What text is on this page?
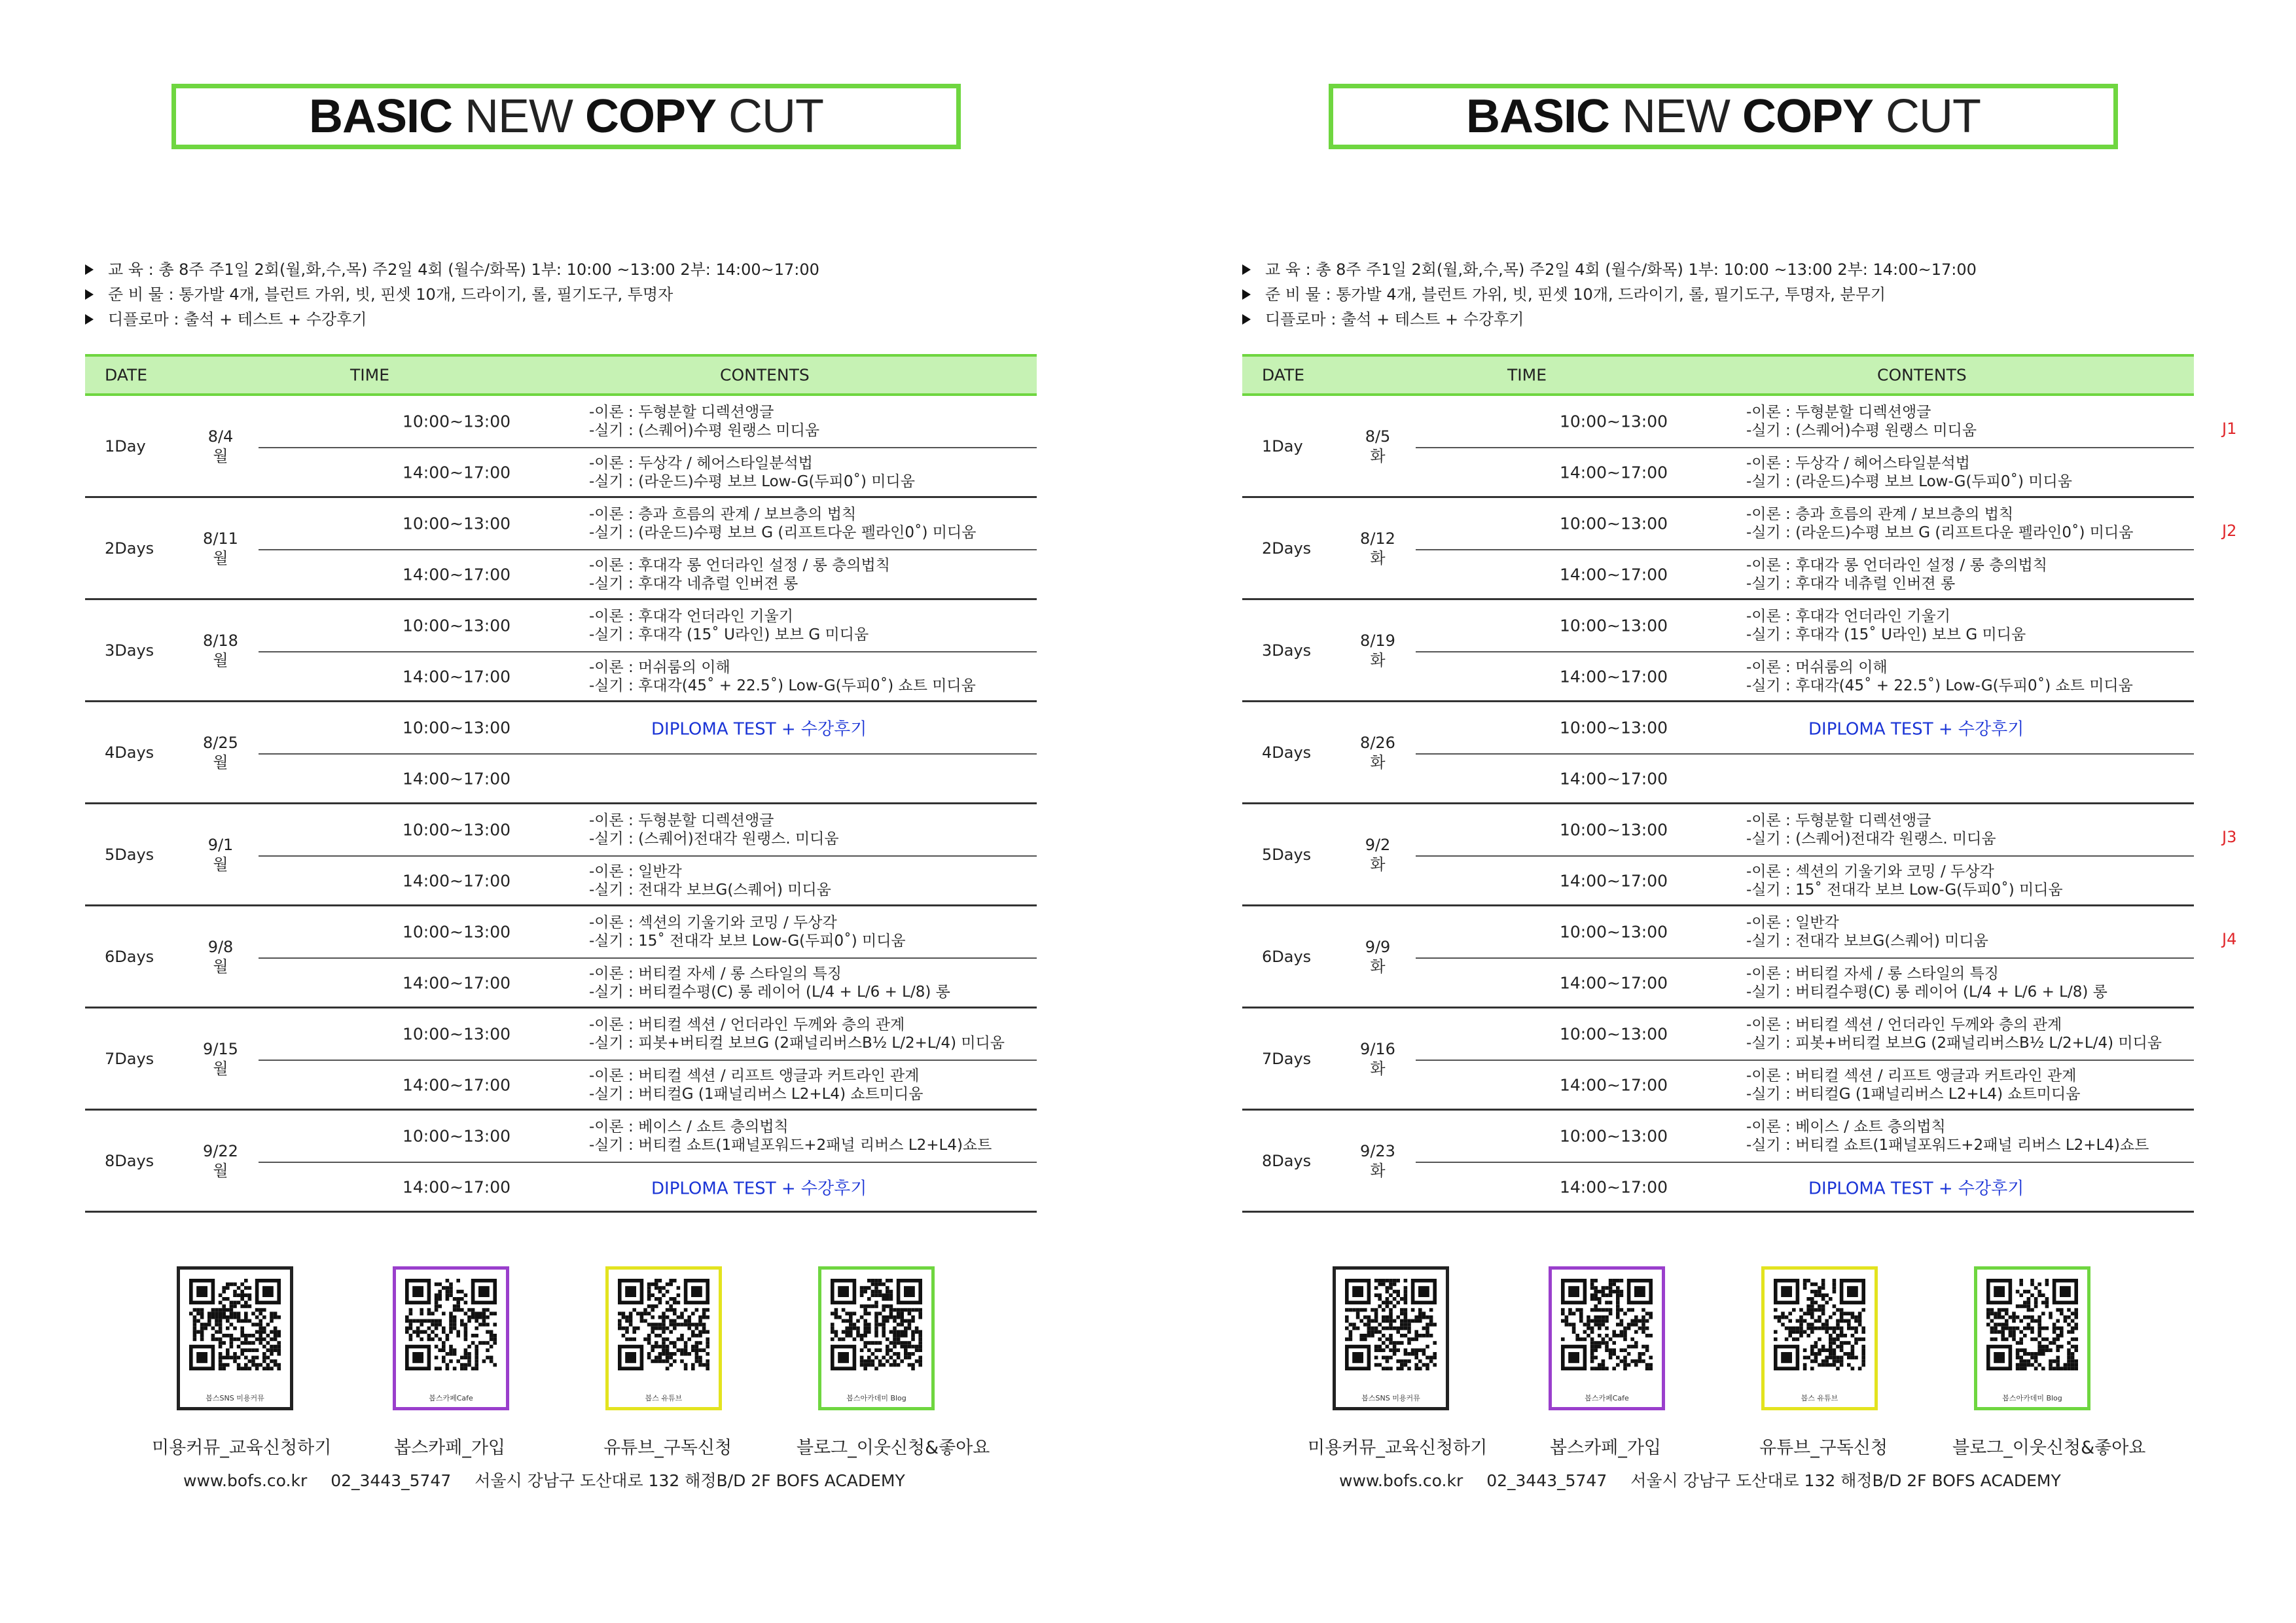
BASIC NEW COPY CUT
교 육 : 총 8주 주1일 2회(월,화,수,목) 주2일 4회 (월수/화목) 1부: 10:00 ~13:00 2부: 14:00~17:00
준 비 물 : 통가발 4개, 블런트 가위, 빗, 핀셋 10개, 드라이기, 롤, 필기도구, 투명자
디플로마 : 출석 + 테스트 + 수강후기
DATE	TIME	CONTENTS
1Day
8/4
월
10:00~13:00	-이론 : 두형분할 디렉션앵글
-실기 : (스퀘어)수평 원랭스 미디움
14:00~17:00	-이론 : 두상각 / 헤어스타일분석법
-실기 : (라운드)수평 보브 Low-G(두피0˚) 미디움
2Days
8/11
월
10:00~13:00	-이론 : 층과 흐름의 관계 / 보브층의 법칙
-실기 : (라운드)수평 보브 G (리프트다운 펠라인0˚) 미디움
14:00~17:00	-이론 : 후대각 롱 언더라인 설정 / 롱 층의법칙
-실기 : 후대각 네츄럴 인버젼 롱
3Days
8/18
월
10:00~13:00	-이론 : 후대각 언더라인 기울기
-실기 : 후대각 (15˚ U라인) 보브 G 미디움
14:00~17:00	-이론 : 머쉬룸의 이해
-실기 : 후대각(45˚ + 22.5˚) Low-G(두피0˚) 쇼트 미디움
4Days
8/25
월
10:00~13:00	DIPLOMA TEST + 수강후기
14:00~17:00
5Days
9/1
월
10:00~13:00	-이론 : 두형분할 디렉션앵글
-실기 : (스퀘어)전대각 원랭스. 미디움
14:00~17:00	-이론 : 일반각
-실기 : 전대각 보브G(스퀘어) 미디움
6Days
9/8
월
10:00~13:00	-이론 : 섹션의 기울기와 코밍 / 두상각
-실기 : 15˚ 전대각 보브 Low-G(두피0˚) 미디움
14:00~17:00	-이론 : 버티컬 자세 / 롱 스타일의 특징
-실기 : 버티컬수평(C) 롱 레이어 (L/4 + L/6 + L/8) 롱
7Days
9/15
월
10:00~13:00	-이론 : 버티컬 섹션 / 언더라인 두께와 층의 관계
-실기 : 피봇+버티컬 보브G (2패널리버스B½ L/2+L/4) 미디움
14:00~17:00	-이론 : 버티컬 섹션 / 리프트 앵글과 커트라인 관계
-실기 : 버티컬G (1패널리버스 L2+L4) 쇼트미디움
8Days
9/22
월
10:00~13:00	-이론 : 베이스 / 쇼트 층의법칙
-실기 : 버티컬 쇼트(1패널포워드+2패널 리버스 L2+L4)쇼트
14:00~17:00	DIPLOMA TEST + 수강후기
봅스SNS 미용커뮤	봅스카페Cafe	봅스 유튜브	봅스아카데미 Blog
미용커뮤_교육신청하기	봅스카페_가입	유튜브_구독신청	블로그_이웃신청&좋아요
www.bofs.co.kr 02_3443_5747 서울시 강남구 도산대로 132 해정B/D 2F BOFS ACADEMY
BASIC NEW COPY CUT
교 육 : 총 8주 주1일 2회(월,화,수,목) 주2일 4회 (월수/화목) 1부: 10:00 ~13:00 2부: 14:00~17:00
준 비 물 : 통가발 4개, 블런트 가위, 빗, 핀셋 10개, 드라이기, 롤, 필기도구, 투명자, 분무기
디플로마 : 출석 + 테스트 + 수강후기
DATE	TIME	CONTENTS
1Day
8/5
화
10:00~13:00	-이론 : 두형분할 디렉션앵글
-실기 : (스퀘어)수평 원랭스 미디움	J1
14:00~17:00	-이론 : 두상각 / 헤어스타일분석법
-실기 : (라운드)수평 보브 Low-G(두피0˚) 미디움
2Days
8/12
화
10:00~13:00	-이론 : 층과 흐름의 관계 / 보브층의 법칙
-실기 : (라운드)수평 보브 G (리프트다운 펠라인0˚) 미디움	J2
14:00~17:00	-이론 : 후대각 롱 언더라인 설정 / 롱 층의법칙
-실기 : 후대각 네츄럴 인버젼 롱
3Days
8/19
화
10:00~13:00	-이론 : 후대각 언더라인 기울기
-실기 : 후대각 (15˚ U라인) 보브 G 미디움
14:00~17:00	-이론 : 머쉬룸의 이해
-실기 : 후대각(45˚ + 22.5˚) Low-G(두피0˚) 쇼트 미디움
4Days
8/26
화
10:00~13:00	DIPLOMA TEST + 수강후기
14:00~17:00
5Days
9/2
화
10:00~13:00	-이론 : 두형분할 디렉션앵글
-실기 : (스퀘어)전대각 원랭스. 미디움	J3
14:00~17:00	-이론 : 섹션의 기울기와 코밍 / 두상각
-실기 : 15˚ 전대각 보브 Low-G(두피0˚) 미디움
6Days
9/9
화
10:00~13:00	-이론 : 일반각
-실기 : 전대각 보브G(스퀘어) 미디움	J4
14:00~17:00	-이론 : 버티컬 자세 / 롱 스타일의 특징
-실기 : 버티컬수평(C) 롱 레이어 (L/4 + L/6 + L/8) 롱
7Days
9/16
화
10:00~13:00	-이론 : 버티컬 섹션 / 언더라인 두께와 층의 관계
-실기 : 피봇+버티컬 보브G (2패널리버스B½ L/2+L/4) 미디움
14:00~17:00	-이론 : 버티컬 섹션 / 리프트 앵글과 커트라인 관계
-실기 : 버티컬G (1패널리버스 L2+L4) 쇼트미디움
8Days
9/23
화
10:00~13:00	-이론 : 베이스 / 쇼트 층의법칙
-실기 : 버티컬 쇼트(1패널포워드+2패널 리버스 L2+L4)쇼트
14:00~17:00	DIPLOMA TEST + 수강후기
봅스SNS 미용커뮤	봅스카페Cafe	봅스 유튜브	봅스아카데미 Blog
미용커뮤_교육신청하기	봅스카페_가입	유튜브_구독신청	블로그_이웃신청&좋아요
www.bofs.co.kr 02_3443_5747 서울시 강남구 도산대로 132 해정B/D 2F BOFS ACADEMY
